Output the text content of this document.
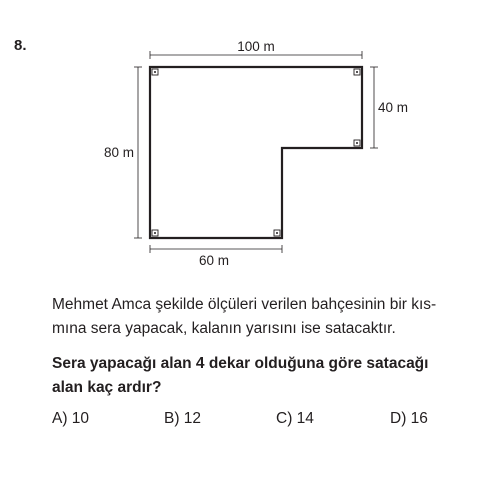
8.	100 m
40 m
80 m
60 m

Mehmet Amca şekilde ölçüleri verilen bahçesinin bir kıs-
mına sera yapacak, kalanın yarısını ise satacaktır.

Sera yapacağı alan 4 dekar olduğuna göre satacağı
alan kaç ardır?

A) 10	B) 12	C) 14	D) 16
